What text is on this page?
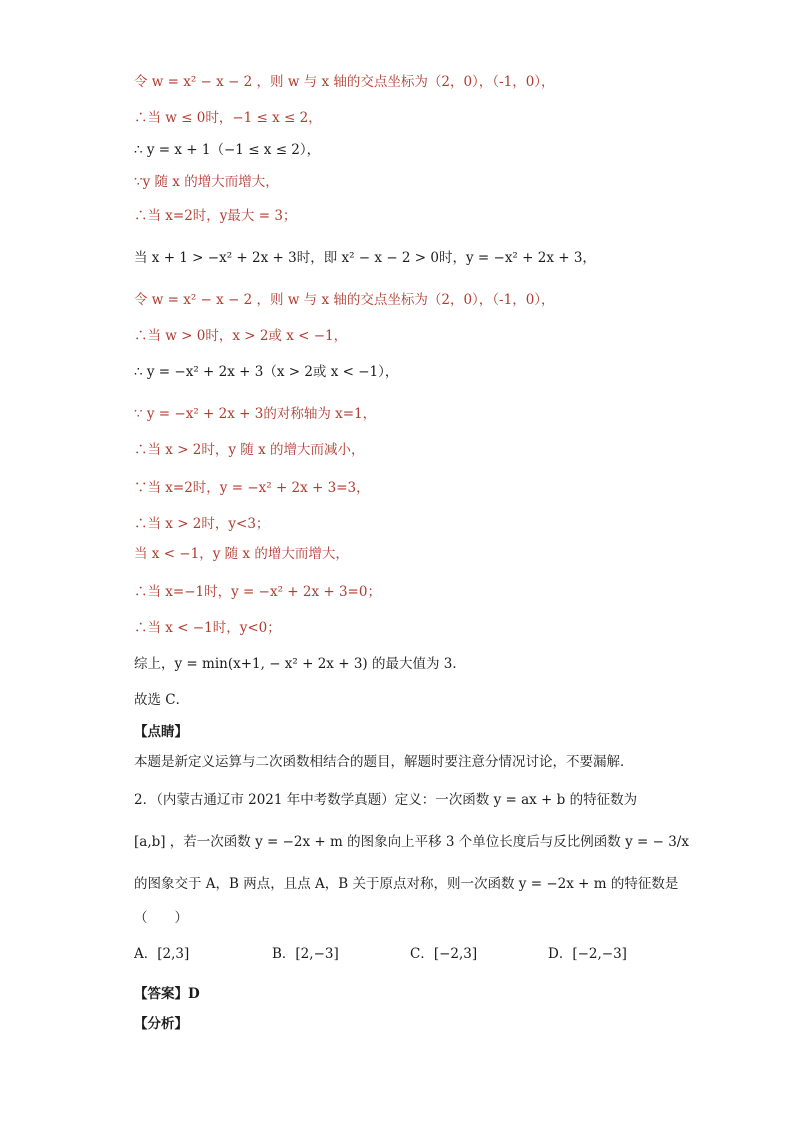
令 w = x² − x − 2 ，则 w 与 x 轴的交点坐标为（2，0），（-1，0），
∴当 w ≤ 0时，−1 ≤ x ≤ 2，
∴ y = x + 1（−1 ≤ x ≤ 2），
∵y 随 x 的增大而增大，
∴当 x=2时，y最大 = 3；
当 x + 1 > −x² + 2x + 3时，即 x² − x − 2 > 0时，y = −x² + 2x + 3，
令 w = x² − x − 2 ，则 w 与 x 轴的交点坐标为（2，0），（-1，0），
∴当 w > 0时，x > 2或 x < −1，
∴ y = −x² + 2x + 3（x > 2或 x < −1），
∵ y = −x² + 2x + 3的对称轴为 x=1，
∴当 x > 2时，y 随 x 的增大而减小，
∵当 x=2时，y = −x² + 2x + 3=3，
∴当 x > 2时，y<3；
当 x < −1，y 随 x 的增大而增大，
∴当 x=−1时，y = −x² + 2x + 3=0；
∴当 x < −1时，y<0；
综上，y = min(x+1, − x² + 2x + 3) 的最大值为 3．
故选 C．
【点睛】
本题是新定义运算与二次函数相结合的题目，解题时要注意分情况讨论，不要漏解．
2．（内蒙古通辽市 2021 年中考数学真题）定义：一次函数 y = ax + b 的特征数为
[a,b] ，若一次函数 y = −2x + m 的图象向上平移 3 个单位长度后与反比例函数 y = − 3/x
的图象交于 A，B 两点，且点 A，B 关于原点对称，则一次函数 y = −2x + m 的特征数是
（　　）
【答案】D
【分析】
A．[2,3]	B．[2,−3]	C．[−2,3]	D．[−2,−3]
